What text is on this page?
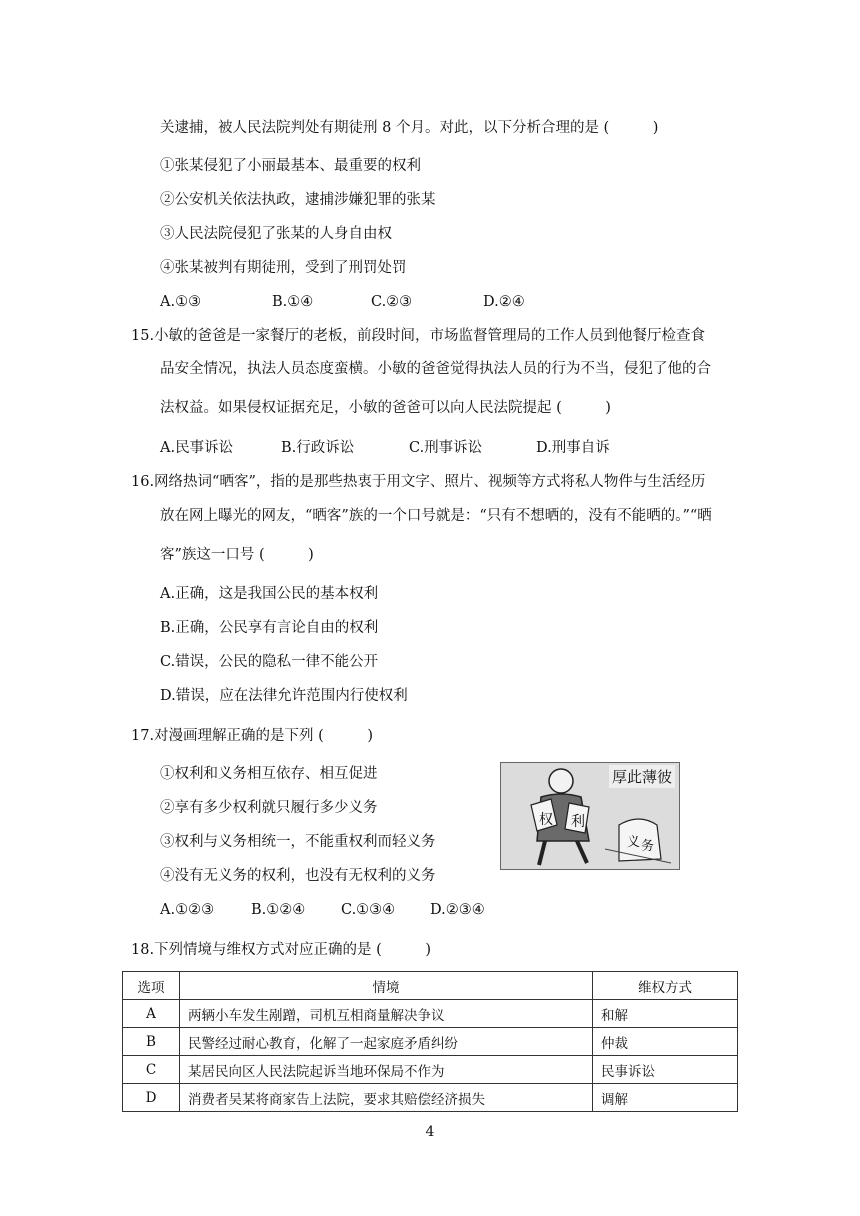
关逮捕，被人民法院判处有期徒刑 8 个月。对此，以下分析合理的是 (　　　)
①张某侵犯了小丽最基本、最重要的权利
②公安机关依法执政，逮捕涉嫌犯罪的张某
③人民法院侵犯了张某的人身自由权
④张某被判有期徒刑，受到了刑罚处罚
A.①③	B.①④	C.②③	D.②④
15.小敏的爸爸是一家餐厅的老板，前段时间，市场监督管理局的工作人员到他餐厅检查食
品安全情况，执法人员态度蛮横。小敏的爸爸觉得执法人员的行为不当，侵犯了他的合
法权益。如果侵权证据充足，小敏的爸爸可以向人民法院提起 (　　　)
A.民事诉讼	B.行政诉讼	C.刑事诉讼	D.刑事自诉
16.网络热词“晒客”，指的是那些热衷于用文字、照片、视频等方式将私人物件与生活经历
放在网上曝光的网友，“晒客”族的一个口号就是：“只有不想晒的，没有不能晒的。”“晒
客”族这一口号 (　　　)
A.正确，这是我国公民的基本权利
B.正确，公民享有言论自由的权利
C.错误，公民的隐私一律不能公开
D.错误，应在法律允许范围内行使权利
17.对漫画理解正确的是下列 (　　　)
①权利和义务相互依存、相互促进
②享有多少权利就只履行多少义务
③权利与义务相统一，不能重权利而轻义务
④没有无义务的权利，也没有无权利的义务
权 利
义 务
厚此薄彼
A.①②③	B.①②④ C.①③④ D.②③④
18.下列情境与维权方式对应正确的是 (　　　)
选项	情境	维权方式
A	两辆小车发生剐蹭，司机互相商量解决争议	和解
B	民警经过耐心教育，化解了一起家庭矛盾纠纷	仲裁
C	某居民向区人民法院起诉当地环保局不作为	民事诉讼
D	消费者吴某将商家告上法院，要求其赔偿经济损失	调解
4
